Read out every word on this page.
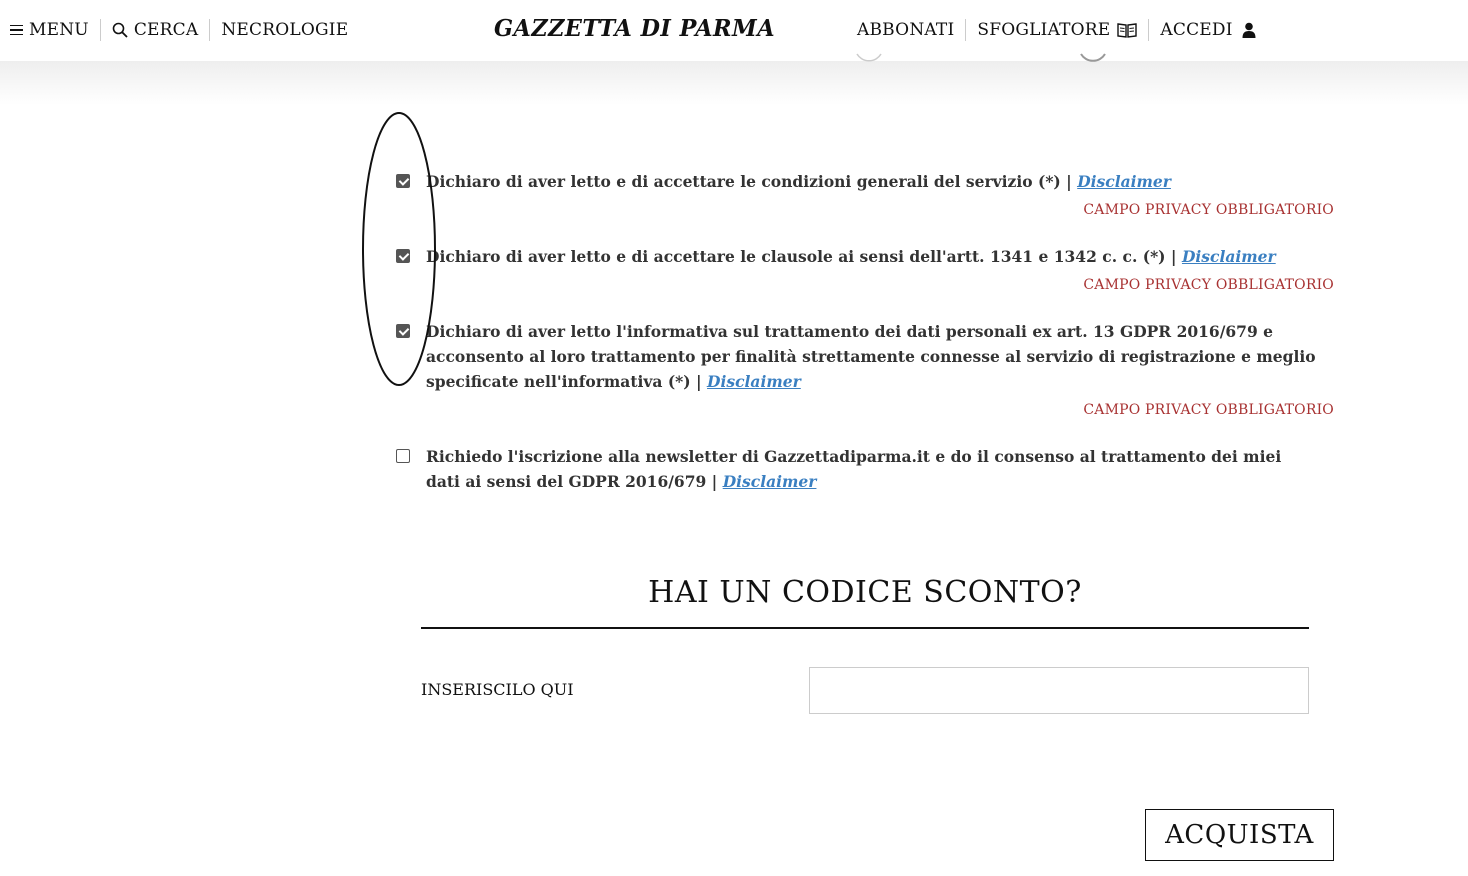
MENU	CERCA NECROLOGIE	GAZZETTA DI PARMA	ABBONATI SFOGLIATORE	ACCEDI
Dichiaro di aver letto e di accettare le condizioni generali del servizio (*) | Disclaimer
CAMPO PRIVACY OBBLIGATORIO
Dichiaro di aver letto e di accettare le clausole ai sensi dell'artt. 1341 e 1342 c. c. (*) | Disclaimer
CAMPO PRIVACY OBBLIGATORIO
Dichiaro di aver letto l'informativa sul trattamento dei dati personali ex art. 13 GDPR 2016/679 e acconsento al loro trattamento per finalità strettamente connesse al servizio di registrazione e meglio specificate nell'informativa (*) | Disclaimer
CAMPO PRIVACY OBBLIGATORIO
Richiedo l'iscrizione alla newsletter di Gazzettadiparma.it e do il consenso al trattamento dei miei dati ai sensi del GDPR 2016/679 | Disclaimer
HAI UN CODICE SCONTO?
INSERISCILO QUI
ACQUISTA
